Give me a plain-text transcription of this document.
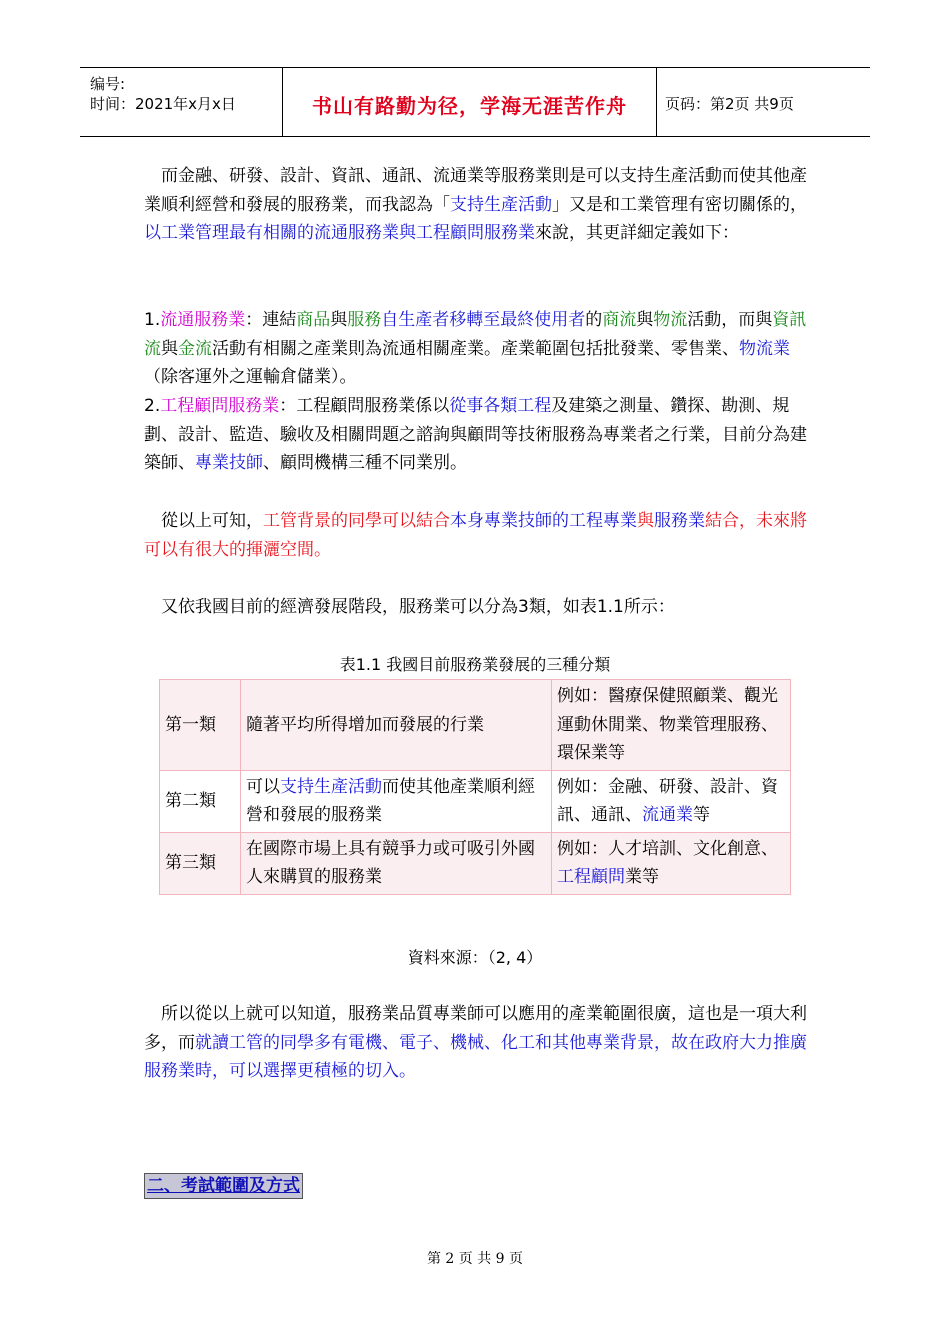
编号:
时间：2021年x月x日	书山有路勤为径，学海无涯苦作舟	页码：第2页 共9页
　而金融、研發、設計、資訊、通訊、流通業等服務業則是可以支持生產活動而使其他產業順利經營和發展的服務業，而我認為「支持生產活動」又是和工業管理有密切關係的，以工業管理最有相關的流通服務業與工程顧問服務業來說，其更詳細定義如下：
1.流通服務業：連結商品與服務自生產者移轉至最終使用者的商流與物流活動，而與資訊流與金流活動有相關之產業則為流通相關產業。產業範圍包括批發業、零售業、物流業（除客運外之運輸倉儲業）。
2.工程顧問服務業：工程顧問服務業係以從事各類工程及建築之測量、鑽探、勘測、規劃、設計、監造、驗收及相關問題之諮詢與顧問等技術服務為專業者之行業，目前分為建築師、專業技師、顧問機構三種不同業別。
　從以上可知，工管背景的同學可以結合本身專業技師的工程專業與服務業結合，未來將可以有很大的揮灑空間。
　又依我國目前的經濟發展階段，服務業可以分為3類，如表1.1所示：
表1.1 我國目前服務業發展的三種分類
第一類	隨著平均所得增加而發展的行業	例如：醫療保健照顧業、觀光運動休閒業、物業管理服務、環保業等
第二類	可以支持生產活動而使其他產業順利經營和發展的服務業	例如：金融、研發、設計、資訊、通訊、流通業等
第三類	在國際市場上具有競爭力或可吸引外國人來購買的服務業	例如：人才培訓、文化創意、工程顧問業等
資料來源：（2, 4）
　所以從以上就可以知道，服務業品質專業師可以應用的產業範圍很廣，這也是一項大利多，而就讀工管的同學多有電機、電子、機械、化工和其他專業背景，故在政府大力推廣服務業時，可以選擇更積極的切入。
二、考試範圍及方式
第 2 页 共 9 页
